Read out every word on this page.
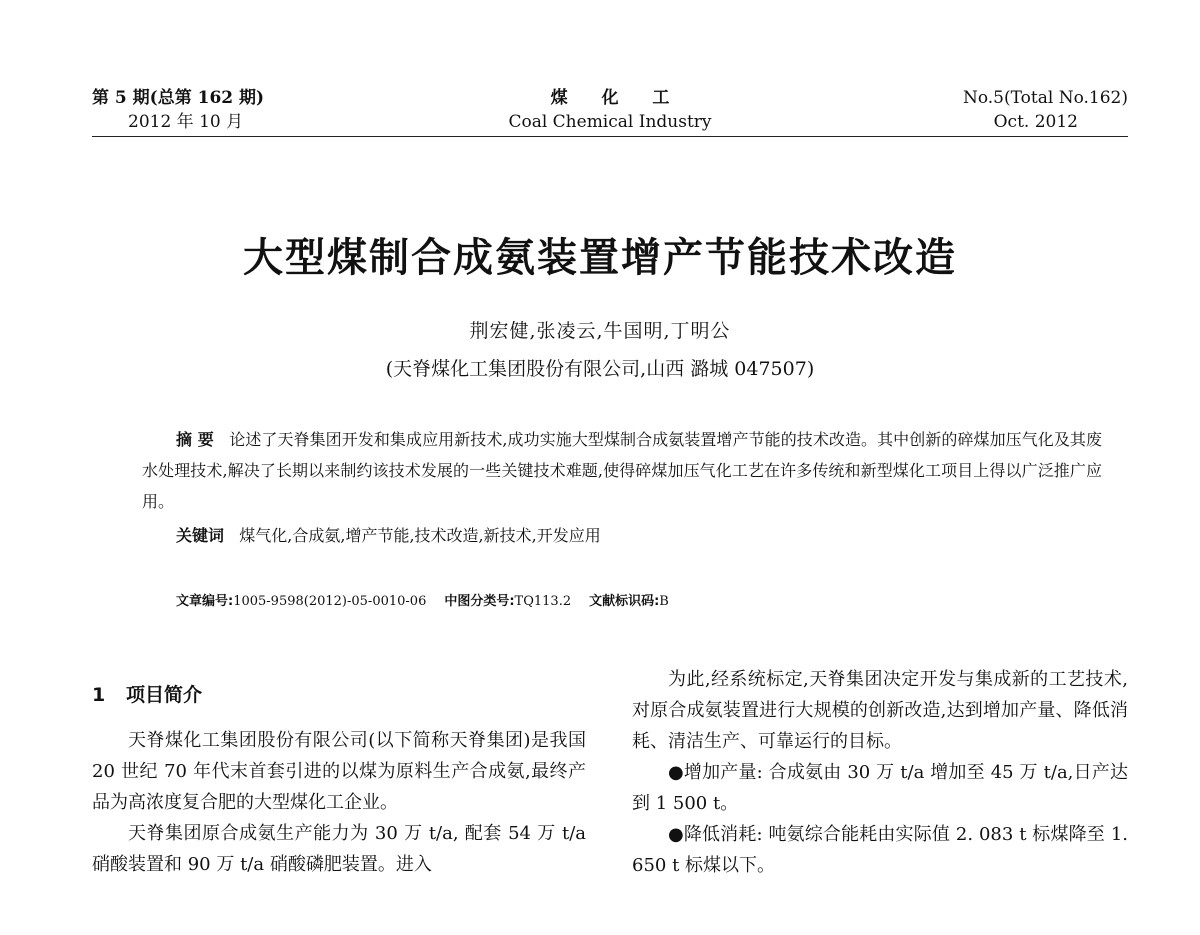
第 5 期(总第 162 期)
2012 年 10 月
煤 化 工
Coal Chemical Industry
No.5(Total No.162)
Oct. 2012
大型煤制合成氨装置增产节能技术改造
荆宏健,张凌云,牛国明,丁明公
(天脊煤化工集团股份有限公司,山西 潞城 047507)

摘 要 论述了天脊集团开发和集成应用新技术,成功实施大型煤制合成氨装置增产节能的技术改造。其中创新的碎煤加压气化及其废水处理技术,解决了长期以来制约该技术发展的一些关键技术难题,使得碎煤加压气化工艺在许多传统和新型煤化工项目上得以广泛推广应用。

关键词 煤气化,合成氨,增产节能,技术改造,新技术,开发应用
文章编号:1005-9598(2012)-05-0010-06 中图分类号:TQ113.2 文献标识码:B
1 项目简介

天脊煤化工集团股份有限公司(以下简称天脊集团)是我国 20 世纪 70 年代末首套引进的以煤为原料生产合成氨,最终产品为高浓度复合肥的大型煤化工企业。

天脊集团原合成氨生产能力为 30 万 t/a, 配套 54 万 t/a 硝酸装置和 90 万 t/a 硝酸磷肥装置。进入

为此,经系统标定,天脊集团决定开发与集成新的工艺技术, 对原合成氨装置进行大规模的创新改造,达到增加产量、降低消耗、清洁生产、可靠运行的目标。

●增加产量: 合成氨由 30 万 t/a 增加至 45 万 t/a,日产达到 1 500 t。

●降低消耗: 吨氨综合能耗由实际值 2. 083 t 标煤降至 1. 650 t 标煤以下。
